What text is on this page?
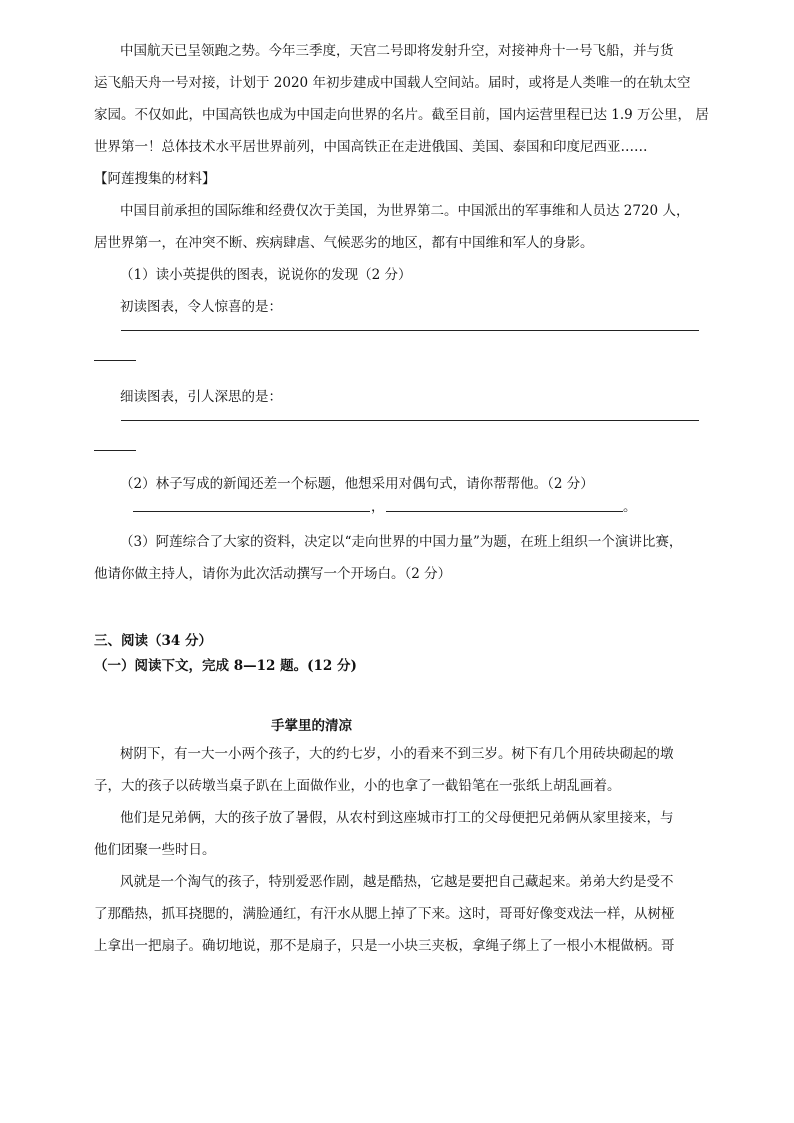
中国航天已呈领跑之势。今年三季度，天宫二号即将发射升空，对接神舟十一号飞船，并与货
运飞船天舟一号对接，计划于 2020 年初步建成中国载人空间站。届时，或将是人类唯一的在轨太空
家园。不仅如此，中国高铁也成为中国走向世界的名片。截至目前，国内运营里程已达 1.9 万公里， 居
世界第一！总体技术水平居世界前列，中国高铁正在走进俄国、美国、泰国和印度尼西亚……
【阿莲搜集的材料】
中国目前承担的国际维和经费仅次于美国，为世界第二。中国派出的军事维和人员达 2720 人，
居世界第一，在冲突不断、疾病肆虐、气候恶劣的地区，都有中国维和军人的身影。
（1）读小英提供的图表，说说你的发现（2 分）
初读图表，令人惊喜的是：
细读图表，引人深思的是：
（2）林子写成的新闻还差一个标题，他想采用对偶句式，请你帮帮他。（2 分）
，	。
（3）阿莲综合了大家的资料，决定以“走向世界的中国力量”为题，在班上组织一个演讲比赛，
他请你做主持人，请你为此次活动撰写一个开场白。（2 分）
三、阅读（34 分）
（一）阅读下文，完成 8—12 题。(12 分)
手掌里的清凉
树阴下，有一大一小两个孩子，大的约七岁，小的看来不到三岁。树下有几个用砖块砌起的墩
子，大的孩子以砖墩当桌子趴在上面做作业，小的也拿了一截铅笔在一张纸上胡乱画着。
他们是兄弟俩，大的孩子放了暑假，从农村到这座城市打工的父母便把兄弟俩从家里接来，与
他们团聚一些时日。
风就是一个淘气的孩子，特别爱恶作剧，越是酷热，它越是要把自己藏起来。弟弟大约是受不
了那酷热，抓耳挠腮的，满脸通红，有汗水从腮上掉了下来。这时，哥哥好像变戏法一样，从树桠
上拿出一把扇子。确切地说，那不是扇子，只是一小块三夹板，拿绳子绑上了一根小木棍做柄。哥
